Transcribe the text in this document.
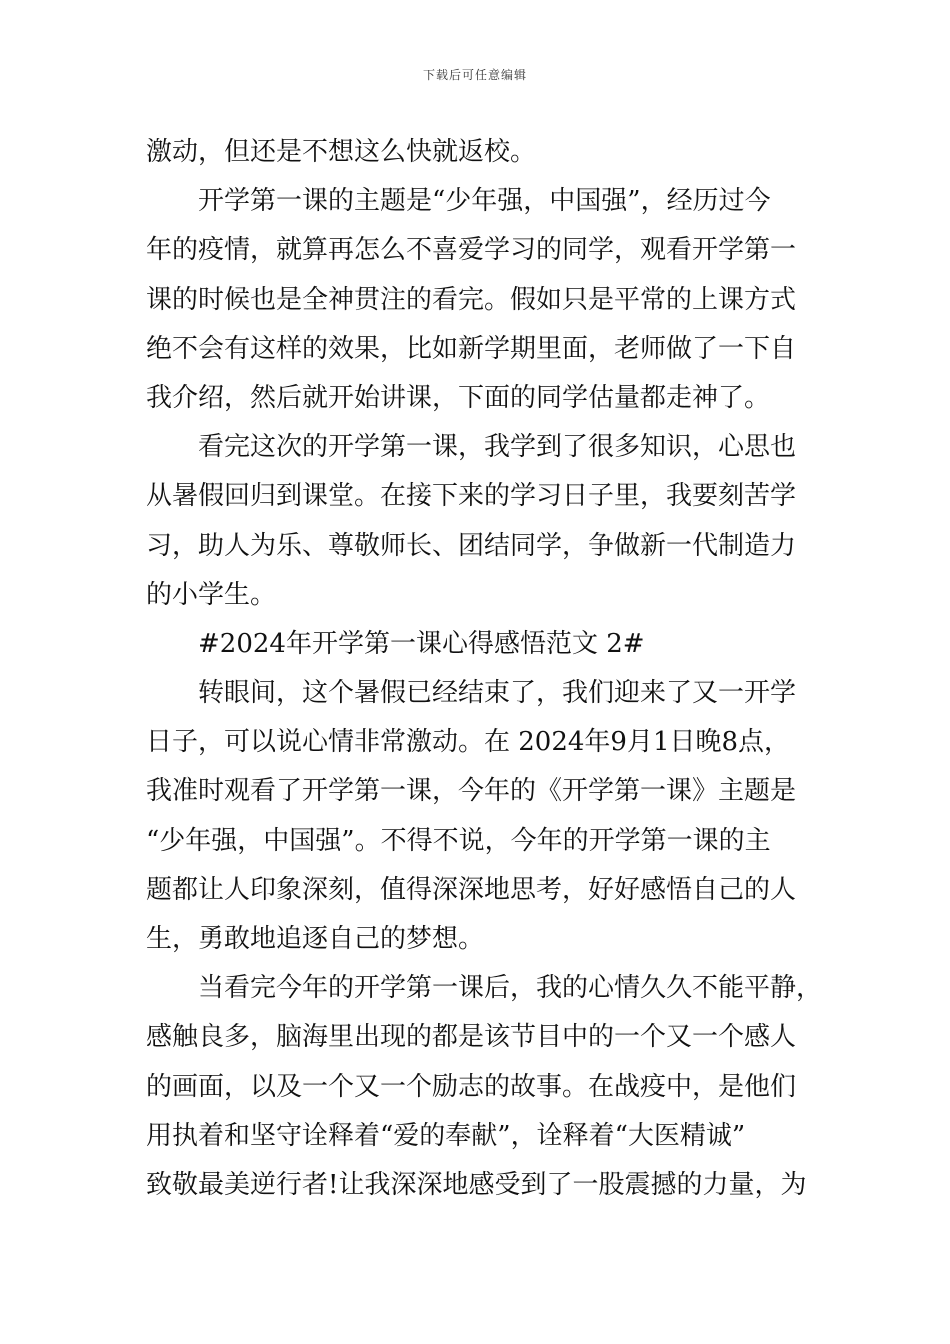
下载后可任意编辑
激动，但还是不想这么快就返校。
开学第一课的主题是“少年强，中国强”，经历过今
年的疫情，就算再怎么不喜爱学习的同学，观看开学第一
课的时候也是全神贯注的看完。假如只是平常的上课方式
绝不会有这样的效果，比如新学期里面，老师做了一下自
我介绍，然后就开始讲课，下面的同学估量都走神了。
看完这次的开学第一课，我学到了很多知识，心思也
从暑假回归到课堂。在接下来的学习日子里，我要刻苦学
习，助人为乐、尊敬师长、团结同学，争做新一代制造力
的小学生。
#2024年开学第一课心得感悟范文 2#
转眼间，这个暑假已经结束了，我们迎来了又一开学
日子，可以说心情非常激动。在 2024年9月1日晚8点，
我准时观看了开学第一课，今年的《开学第一课》主题是
“少年强，中国强”。不得不说，今年的开学第一课的主
题都让人印象深刻，值得深深地思考，好好感悟自己的人
生，勇敢地追逐自己的梦想。
当看完今年的开学第一课后，我的心情久久不能平静，
感触良多，脑海里出现的都是该节目中的一个又一个感人
的画面，以及一个又一个励志的故事。在战疫中，是他们
用执着和坚守诠释着“爱的奉献”，诠释着“大医精诚”
致敬最美逆行者!让我深深地感受到了一股震撼的力量，为
